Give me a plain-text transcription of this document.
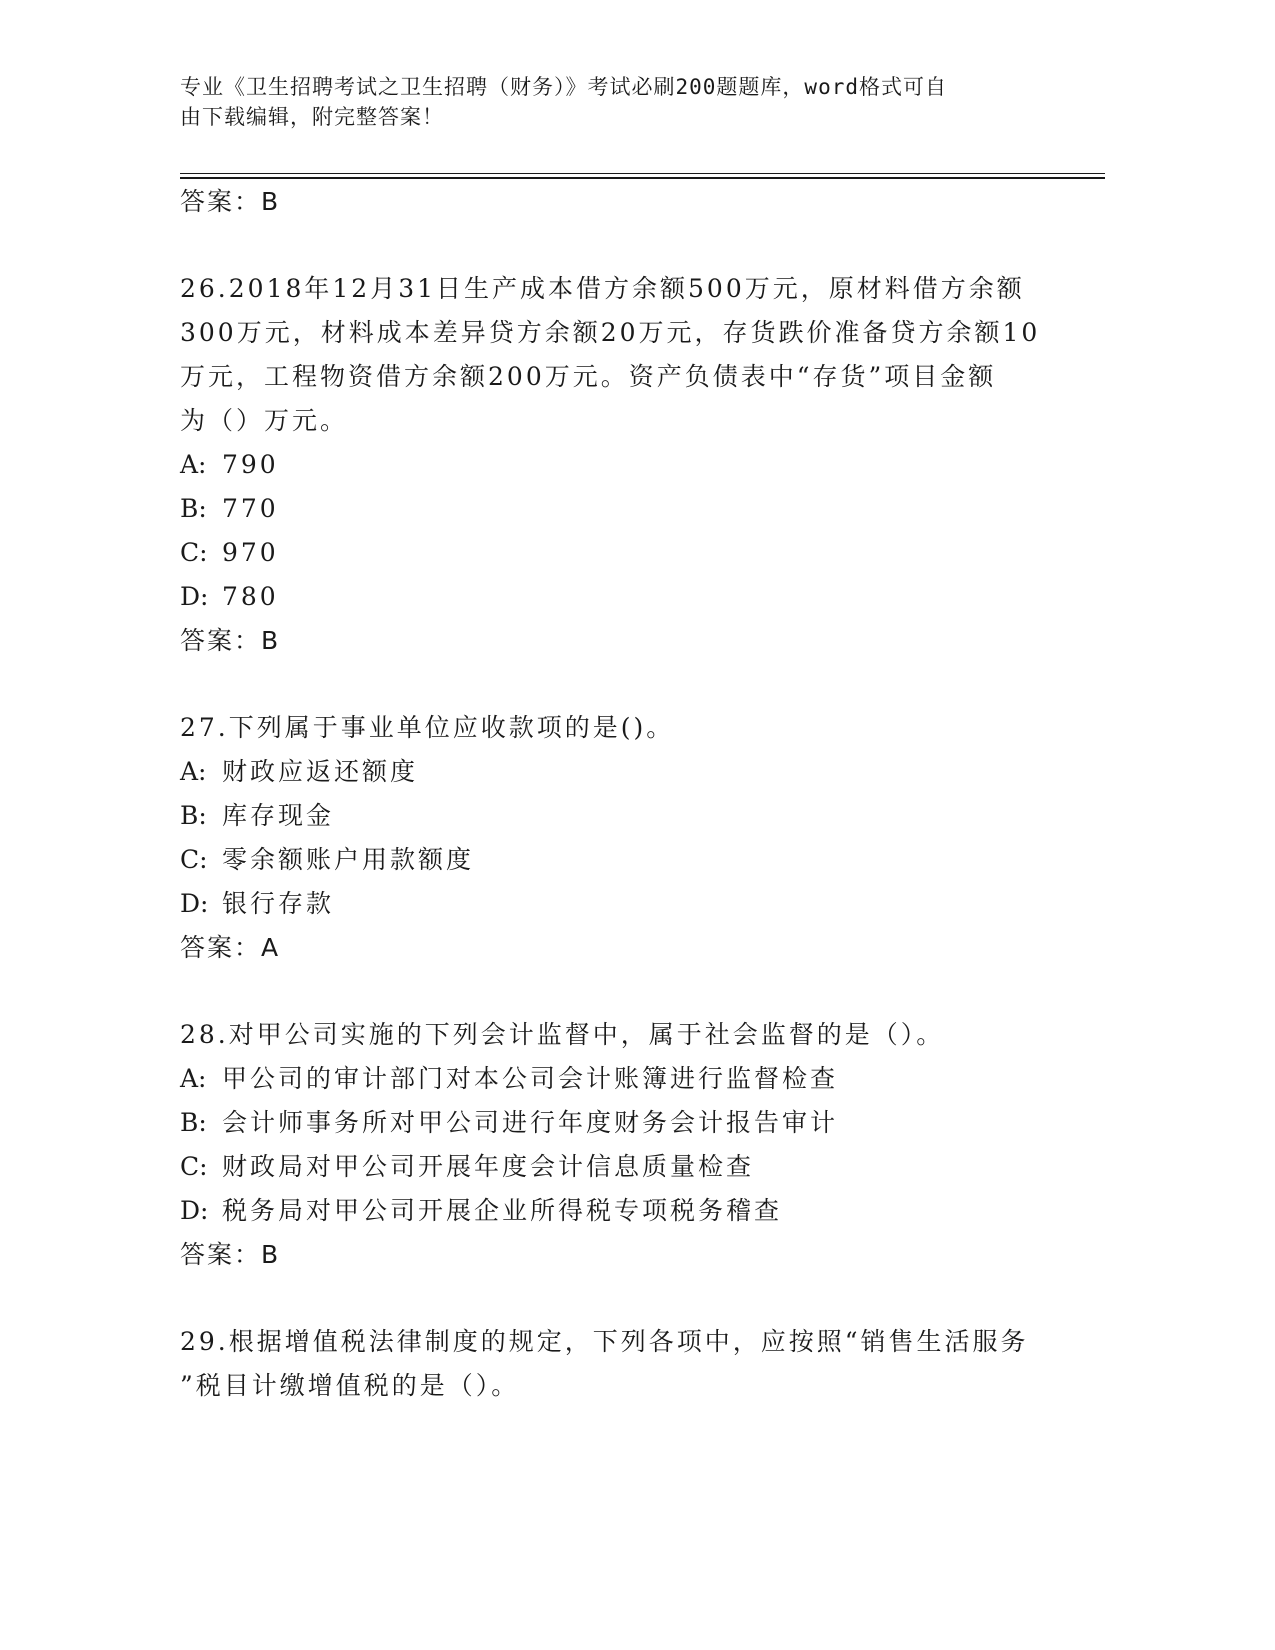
专业《卫生招聘考试之卫生招聘（财务）》考试必刷200题题库，word格式可自
由下载编辑，附完整答案！
答案：B
26.2018年12月31日生产成本借方余额500万元，原材料借方余额
300万元，材料成本差异贷方余额20万元，存货跌价准备贷方余额10
万元，工程物资借方余额200万元。资产负债表中“存货”项目金额
为（）万元。
A: 790
B: 770
C: 970
D: 780
答案：B
27.下列属于事业单位应收款项的是()。
A: 财政应返还额度
B: 库存现金
C: 零余额账户用款额度
D: 银行存款
答案：A
28.对甲公司实施的下列会计监督中，属于社会监督的是（）。
A: 甲公司的审计部门对本公司会计账簿进行监督检查
B: 会计师事务所对甲公司进行年度财务会计报告审计
C: 财政局对甲公司开展年度会计信息质量检查
D: 税务局对甲公司开展企业所得税专项税务稽查
答案：B
29.根据增值税法律制度的规定，下列各项中，应按照“销售生活服务
”税目计缴增值税的是（）。
